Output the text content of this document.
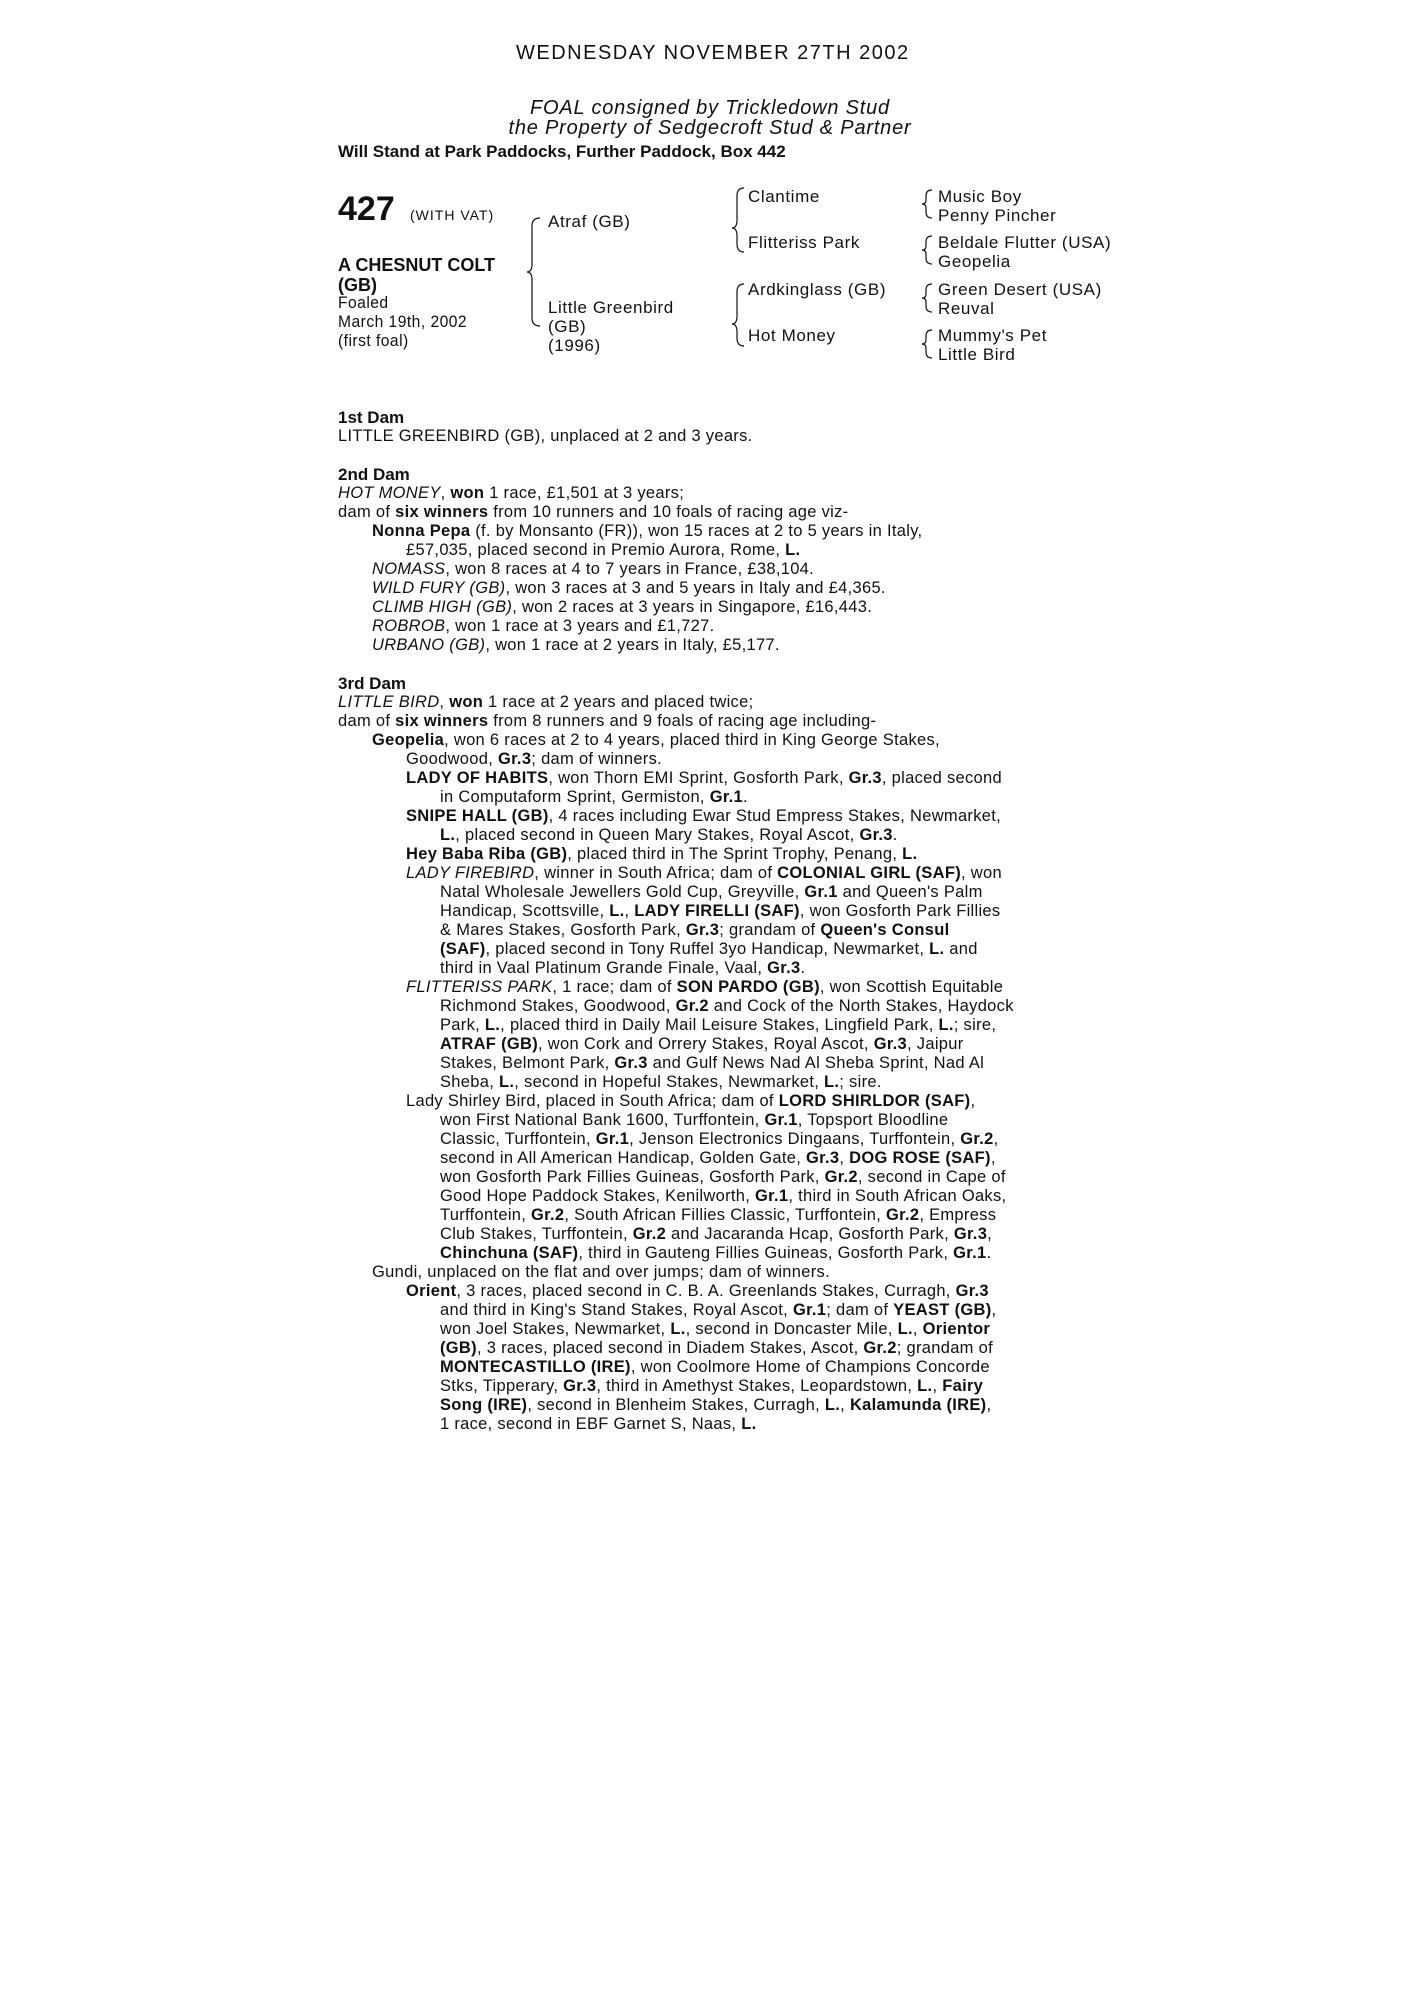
WEDNESDAY NOVEMBER 27TH 2002
FOAL consigned by Trickledown Stud
the Property of Sedgecroft Stud & Partner
Will Stand at Park Paddocks, Further Paddock, Box 442
427 (WITH VAT)
A CHESNUT COLT
(GB)
Foaled
March 19th, 2002
(first foal)
Atraf (GB)
Little Greenbird
(GB)
(1996)
Clantime
Flitteriss Park
Ardkinglass (GB)
Hot Money
Music Boy
Penny Pincher
Beldale Flutter (USA)
Geopelia
Green Desert (USA)
Reuval
Mummy's Pet
Little Bird
1st Dam
LITTLE GREENBIRD (GB), unplaced at 2 and 3 years.
2nd Dam
HOT MONEY, won 1 race, £1,501 at 3 years;
dam of six winners from 10 runners and 10 foals of racing age viz-
Nonna Pepa (f. by Monsanto (FR)), won 15 races at 2 to 5 years in Italy,
£57,035, placed second in Premio Aurora, Rome, L.
NOMASS, won 8 races at 4 to 7 years in France, £38,104.
WILD FURY (GB), won 3 races at 3 and 5 years in Italy and £4,365.
CLIMB HIGH (GB), won 2 races at 3 years in Singapore, £16,443.
ROBROB, won 1 race at 3 years and £1,727.
URBANO (GB), won 1 race at 2 years in Italy, £5,177.
3rd Dam
LITTLE BIRD, won 1 race at 2 years and placed twice;
dam of six winners from 8 runners and 9 foals of racing age including-
Geopelia, won 6 races at 2 to 4 years, placed third in King George Stakes,
Goodwood, Gr.3; dam of winners.
LADY OF HABITS, won Thorn EMI Sprint, Gosforth Park, Gr.3, placed second
in Computaform Sprint, Germiston, Gr.1.
SNIPE HALL (GB), 4 races including Ewar Stud Empress Stakes, Newmarket,
L., placed second in Queen Mary Stakes, Royal Ascot, Gr.3.
Hey Baba Riba (GB), placed third in The Sprint Trophy, Penang, L.
LADY FIREBIRD, winner in South Africa; dam of COLONIAL GIRL (SAF), won
Natal Wholesale Jewellers Gold Cup, Greyville, Gr.1 and Queen's Palm
Handicap, Scottsville, L., LADY FIRELLI (SAF), won Gosforth Park Fillies
& Mares Stakes, Gosforth Park, Gr.3; grandam of Queen's Consul
(SAF), placed second in Tony Ruffel 3yo Handicap, Newmarket, L. and
third in Vaal Platinum Grande Finale, Vaal, Gr.3.
FLITTERISS PARK, 1 race; dam of SON PARDO (GB), won Scottish Equitable
Richmond Stakes, Goodwood, Gr.2 and Cock of the North Stakes, Haydock
Park, L., placed third in Daily Mail Leisure Stakes, Lingfield Park, L.; sire,
ATRAF (GB), won Cork and Orrery Stakes, Royal Ascot, Gr.3, Jaipur
Stakes, Belmont Park, Gr.3 and Gulf News Nad Al Sheba Sprint, Nad Al
Sheba, L., second in Hopeful Stakes, Newmarket, L.; sire.
Lady Shirley Bird, placed in South Africa; dam of LORD SHIRLDOR (SAF),
won First National Bank 1600, Turffontein, Gr.1, Topsport Bloodline
Classic, Turffontein, Gr.1, Jenson Electronics Dingaans, Turffontein, Gr.2,
second in All American Handicap, Golden Gate, Gr.3, DOG ROSE (SAF),
won Gosforth Park Fillies Guineas, Gosforth Park, Gr.2, second in Cape of
Good Hope Paddock Stakes, Kenilworth, Gr.1, third in South African Oaks,
Turffontein, Gr.2, South African Fillies Classic, Turffontein, Gr.2, Empress
Club Stakes, Turffontein, Gr.2 and Jacaranda Hcap, Gosforth Park, Gr.3,
Chinchuna (SAF), third in Gauteng Fillies Guineas, Gosforth Park, Gr.1.
Gundi, unplaced on the flat and over jumps; dam of winners.
Orient, 3 races, placed second in C. B. A. Greenlands Stakes, Curragh, Gr.3
and third in King's Stand Stakes, Royal Ascot, Gr.1; dam of YEAST (GB),
won Joel Stakes, Newmarket, L., second in Doncaster Mile, L., Orientor
(GB), 3 races, placed second in Diadem Stakes, Ascot, Gr.2; grandam of
MONTECASTILLO (IRE), won Coolmore Home of Champions Concorde
Stks, Tipperary, Gr.3, third in Amethyst Stakes, Leopardstown, L., Fairy
Song (IRE), second in Blenheim Stakes, Curragh, L., Kalamunda (IRE),
1 race, second in EBF Garnet S, Naas, L.
